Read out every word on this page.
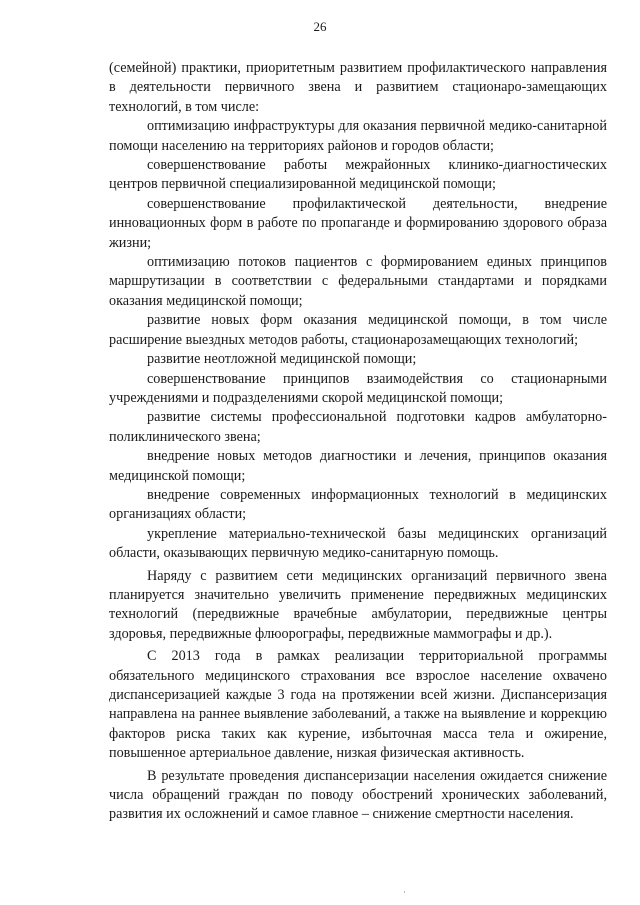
26

(семейной) практики, приоритетным развитием профилактического направления в деятельности первичного звена и развитием стационаро-замещающих технологий, в том числе:

оптимизацию инфраструктуры для оказания первичной медико-санитарной помощи населению на территориях районов и городов области;

совершенствование работы межрайонных клинико-диагностических центров первичной специализированной медицинской помощи;

совершенствование профилактической деятельности, внедрение инновационных форм в работе по пропаганде и формированию здорового образа жизни;

оптимизацию потоков пациентов с формированием единых принципов маршрутизации в соответствии с федеральными стандартами и порядками оказания медицинской помощи;

развитие новых форм оказания медицинской помощи, в том числе расширение выездных методов работы, стационарозамещающих технологий;

развитие неотложной медицинской помощи;

совершенствование принципов взаимодействия со стационарными учреждениями и подразделениями скорой медицинской помощи;

развитие системы профессиональной подготовки кадров амбулаторно-поликлинического звена;

внедрение новых методов диагностики и лечения, принципов оказания медицинской помощи;

внедрение современных информационных технологий в медицинских организациях области;

укрепление материально-технической базы медицинских организаций области, оказывающих первичную медико-санитарную помощь.

Наряду с развитием сети медицинских организаций первичного звена планируется значительно увеличить применение передвижных медицинских технологий (передвижные врачебные амбулатории, передвижные центры здоровья, передвижные флюорографы, передвижные маммографы и др.).

С 2013 года в рамках реализации территориальной программы обязательного медицинского страхования все взрослое население охвачено диспансеризацией каждые 3 года на протяжении всей жизни. Диспансеризация направлена на раннее выявление заболеваний, а также на выявление и коррекцию факторов риска таких как курение, избыточная масса тела и ожирение, повышенное артериальное давление, низкая физическая активность.

В результате проведения диспансеризации населения ожидается снижение числа обращений граждан по поводу обострений хронических заболеваний, развития их осложнений и самое главное – снижение смертности населения.
